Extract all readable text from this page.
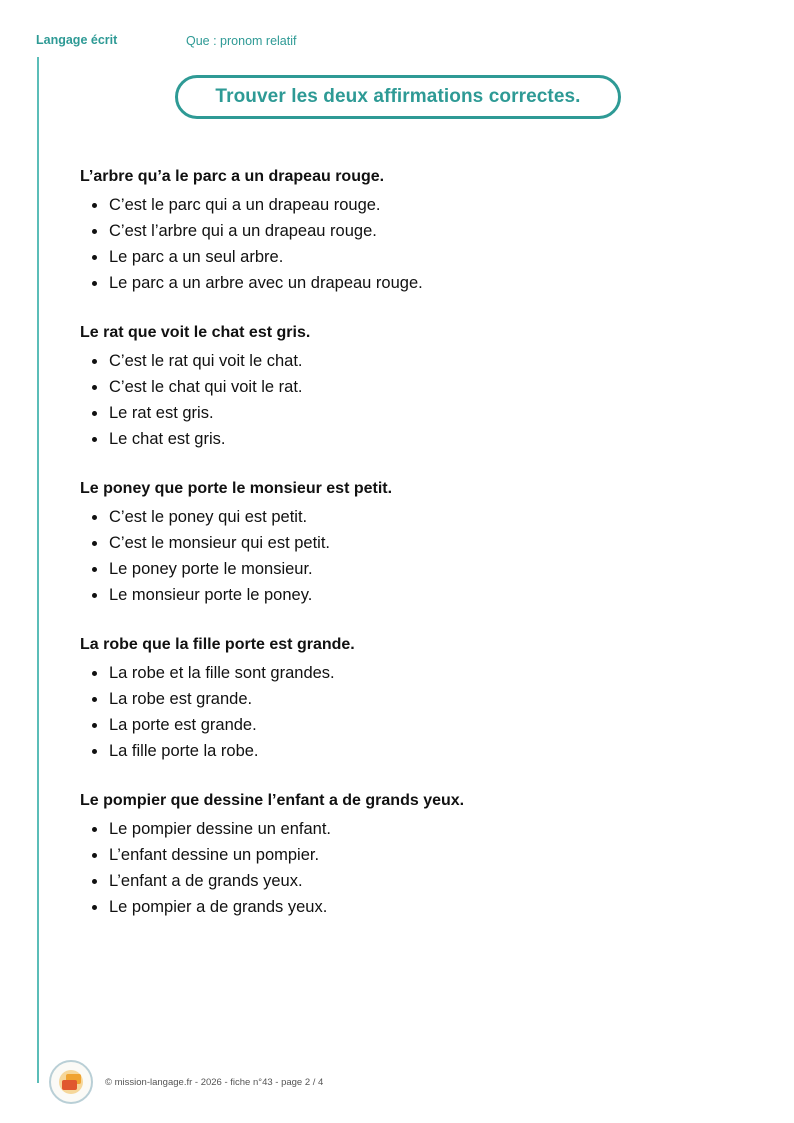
Langage écrit	Que : pronom relatif
Trouver les deux affirmations correctes.
L’arbre qu’a le parc a un drapeau rouge.
C’est le parc qui a un drapeau rouge.
C’est l’arbre qui a un drapeau rouge.
Le parc a un seul arbre.
Le parc a un arbre avec un drapeau rouge.
Le rat que voit le chat est gris.
C’est le rat qui voit le chat.
C’est le chat qui voit le rat.
Le rat est gris.
Le chat est gris.
Le poney que porte le monsieur est petit.
C’est le poney qui est petit.
C’est le monsieur qui est petit.
Le poney porte le monsieur.
Le monsieur porte le poney.
La robe que la fille porte est grande.
La robe et la fille sont grandes.
La robe est grande.
La porte est grande.
La fille porte la robe.
Le pompier que dessine l’enfant a de grands yeux.
Le pompier dessine un enfant.
L’enfant dessine un pompier.
L’enfant a de grands yeux.
Le pompier a de grands yeux.
© mission-langage.fr - 2026 - fiche n°43 - page 2 / 4
